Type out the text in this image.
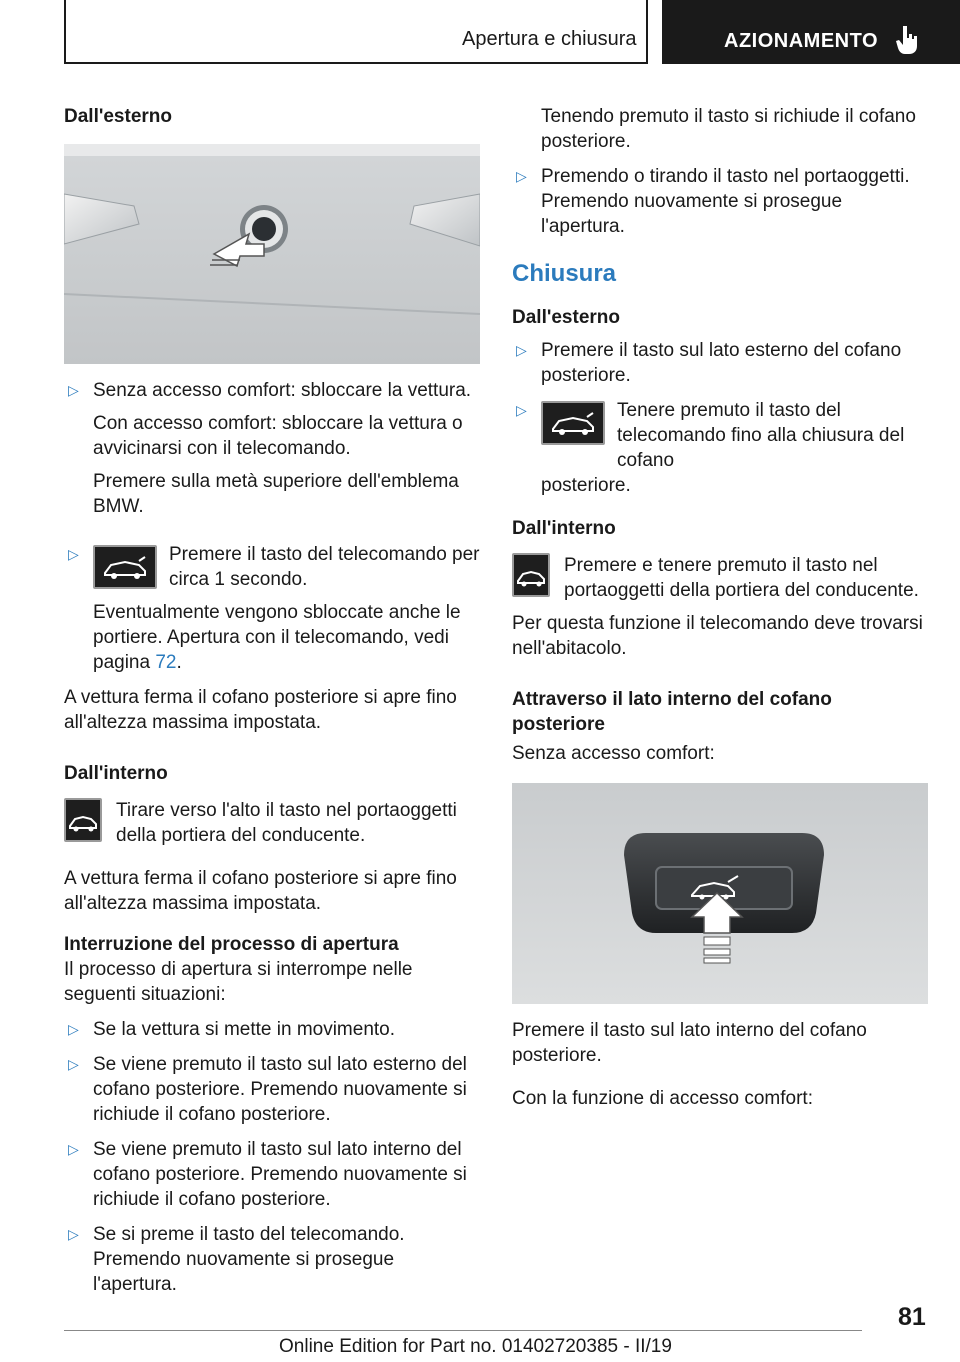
Apertura e chiusura	AZIONAMENTO

Dall'esterno

▷ Senza accesso comfort: sbloccare la vettura.

Con accesso comfort: sbloccare la vettura o avvicinarsi con il telecomando.

Premere sulla metà superiore dell'emblema BMW.

▷	Premere il tasto del telecomando per circa 1 secondo.

Eventualmente vengono sbloccate anche le portiere. Apertura con il telecomando, vedi pagina 72.

A vettura ferma il cofano posteriore si apre fino all'altezza massima impostata.

Dall'interno

Tirare verso l'alto il tasto nel portaoggetti della portiera del conducente.

A vettura ferma il cofano posteriore si apre fino all'altezza massima impostata.

Interruzione del processo di apertura

Il processo di apertura si interrompe nelle seguenti situazioni:

▷ Se la vettura si mette in movimento.

▷ Se viene premuto il tasto sul lato esterno del cofano posteriore. Premendo nuovamente si richiude il cofano posteriore.

▷ Se viene premuto il tasto sul lato interno del cofano posteriore. Premendo nuovamente si richiude il cofano posteriore.

▷ Se si preme il tasto del telecomando. Premendo nuovamente si prosegue l'apertura.

Tenendo premuto il tasto si richiude il cofano posteriore.

▷ Premendo o tirando il tasto nel portaoggetti. Premendo nuovamente si prosegue l'apertura.

Chiusura

Dall'esterno

▷ Premere il tasto sul lato esterno del cofano posteriore.

▷	Tenere premuto il tasto del telecomando fino alla chiusura del cofano

posteriore.

Dall'interno

Premere e tenere premuto il tasto nel portaoggetti della portiera del conducente.

Per questa funzione il telecomando deve trovarsi nell'abitacolo.

Attraverso il lato interno del cofano posteriore

Senza accesso comfort:

Premere il tasto sul lato interno del cofano posteriore.

Con la funzione di accesso comfort:

81
Online Edition for Part no. 01402720385 - II/19
